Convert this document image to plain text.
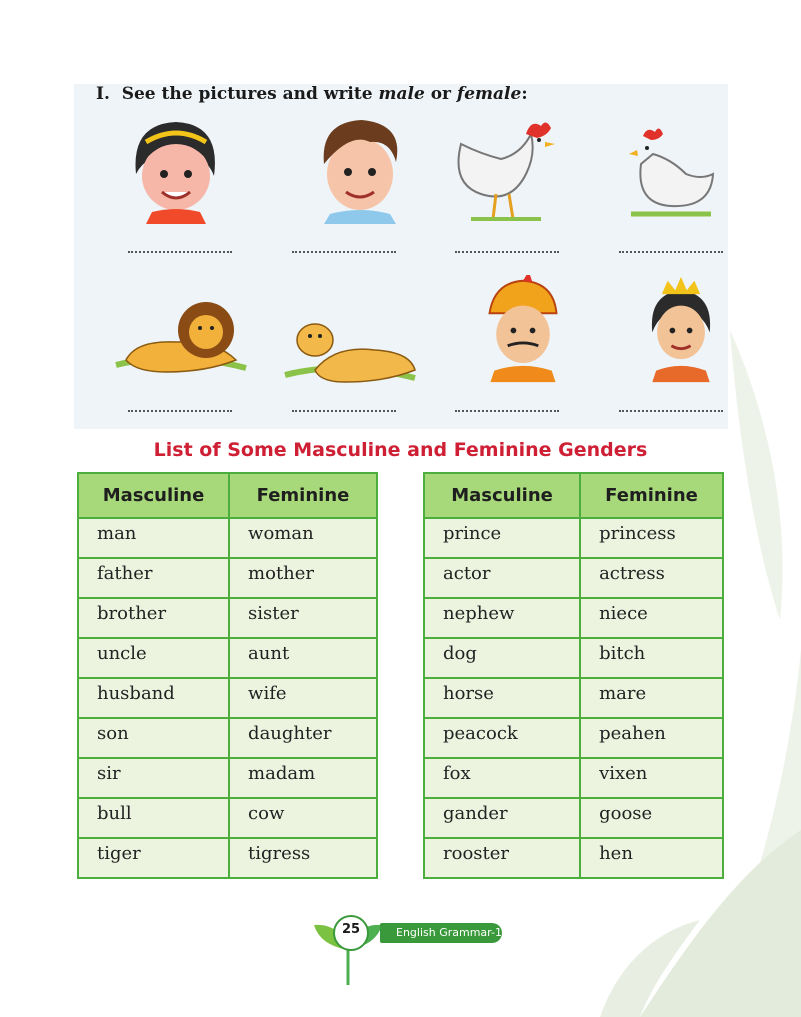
I. See the pictures and write male or female:
List of Some Masculine and Feminine Genders
Masculine	Feminine
man	woman
father	mother
brother	sister
uncle	aunt
husband	wife
son	daughter
sir	madam
bull	cow
tiger	tigress
Masculine	Feminine
prince	princess
actor	actress
nephew	niece
dog	bitch
horse	mare
peacock	peahen
fox	vixen
gander	goose
rooster	hen
English Grammar-1
25
